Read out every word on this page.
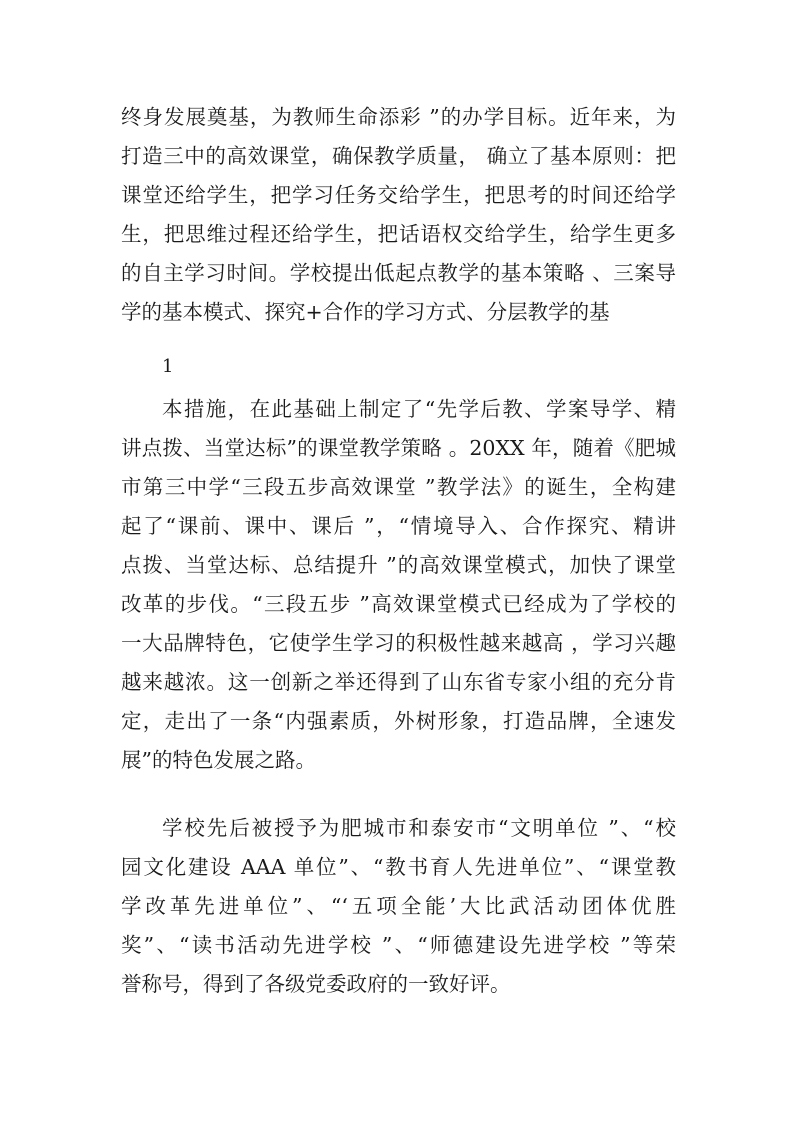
终身发展奠基，为教师生命添彩 ”的办学目标。近年来，为
打造三中的高效课堂，确保教学质量， 确立了基本原则：把
课堂还给学生，把学习任务交给学生，把思考的时间还给学
生，把思维过程还给学生，把话语权交给学生，给学生更多
的自主学习时间。学校提出低起点教学的基本策略 、三案导
学的基本模式、探究+合作的学习方式、分层教学的基
1
本措施，在此基础上制定了“先学后教、学案导学、精
讲点拨、当堂达标”的课堂教学策略 。20XX 年，随着《肥城
市第三中学“三段五步高效课堂 ”教学法》的诞生，全构建
起了“课前、课中、课后 ”，“情境导入、合作探究、精讲
点拨、当堂达标、总结提升 ”的高效课堂模式，加快了课堂
改革的步伐。“三段五步 ”高效课堂模式已经成为了学校的
一大品牌特色，它使学生学习的积极性越来越高 ，学习兴趣
越来越浓。这一创新之举还得到了山东省专家小组的充分肯
定，走出了一条“内强素质，外树形象，打造品牌，全速发
展”的特色发展之路。
学校先后被授予为肥城市和泰安市“文明单位 ”、“校
园文化建设 AAA 单位”、“教书育人先进单位”、“课堂教
学改革先进单位”、“‘五项全能’大比武活动团体优胜
奖”、“读书活动先进学校 ”、“师德建设先进学校 ”等荣
誉称号，得到了各级党委政府的一致好评。
